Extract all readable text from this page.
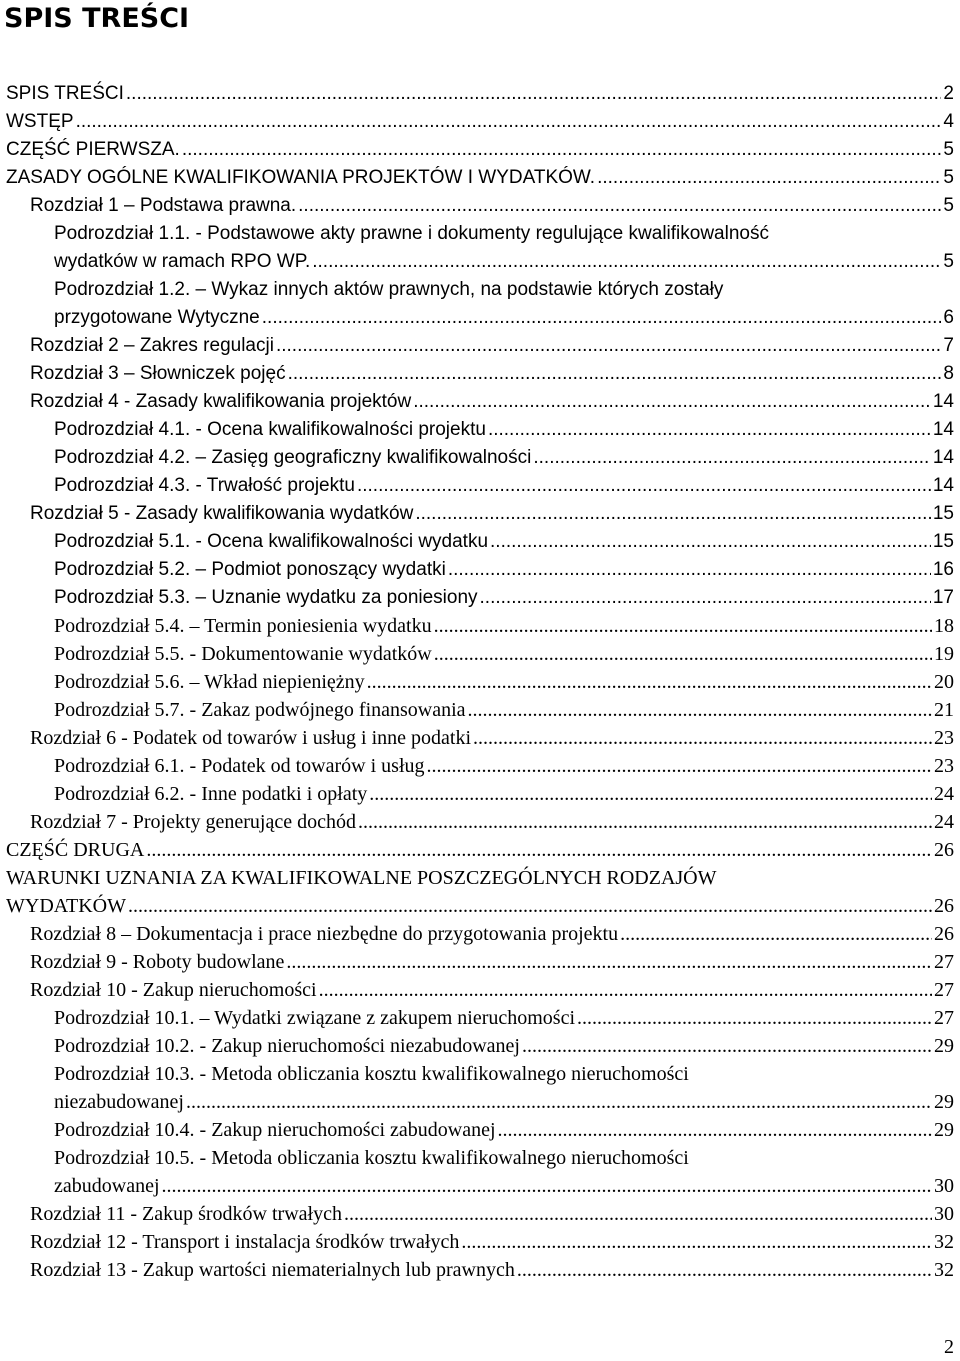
SPIS TREŚCI
SPIS TREŚCI .....	2
WSTĘP .....	4
CZĘŚĆ PIERWSZA. .....	5
ZASADY OGÓLNE KWALIFIKOWANIA PROJEKTÓW I WYDATKÓW. .....	5
Rozdział 1 – Podstawa prawna. .....	5
Podrozdział 1.1. - Podstawowe akty prawne i dokumenty regulujące kwalifikowalność
wydatków w ramach RPO WP. .....	5
Podrozdział 1.2. – Wykaz innych aktów prawnych, na podstawie których zostały
przygotowane Wytyczne .....	6
Rozdział 2 – Zakres regulacji .....	7
Rozdział 3 – Słowniczek pojęć .....	8
Rozdział 4 - Zasady kwalifikowania projektów .....	14
Podrozdział 4.1. - Ocena kwalifikowalności projektu .....	14
Podrozdział 4.2. – Zasięg geograficzny kwalifikowalności .....	14
Podrozdział 4.3. - Trwałość projektu .....	14
Rozdział 5 - Zasady kwalifikowania wydatków .....	15
Podrozdział 5.1. - Ocena kwalifikowalności wydatku .....	15
Podrozdział 5.2. – Podmiot ponoszący wydatki .....	16
Podrozdział 5.3. – Uznanie wydatku za poniesiony .....	17
Podrozdział 5.4. – Termin poniesienia wydatku .....	18
Podrozdział 5.5. - Dokumentowanie wydatków .....	19
Podrozdział 5.6. – Wkład niepieniężny .....	20
Podrozdział 5.7. - Zakaz podwójnego finansowania .....	21
Rozdział 6 - Podatek od towarów i usług i inne podatki .....	23
Podrozdział 6.1. - Podatek od towarów i usług .....	23
Podrozdział 6.2. - Inne podatki i opłaty .....	24
Rozdział 7 - Projekty generujące dochód .....	24
CZĘŚĆ DRUGA .....	26
WARUNKI UZNANIA ZA KWALIFIKOWALNE POSZCZEGÓLNYCH RODZAJÓW
WYDATKÓW .....	26
Rozdział 8 – Dokumentacja i prace niezbędne do przygotowania projektu .....	26
Rozdział 9 - Roboty budowlane .....	27
Rozdział 10 - Zakup nieruchomości .....	27
Podrozdział 10.1. – Wydatki związane z zakupem nieruchomości .....	27
Podrozdział 10.2. - Zakup nieruchomości niezabudowanej .....	29
Podrozdział 10.3. - Metoda obliczania kosztu kwalifikowalnego nieruchomości
niezabudowanej .....	29
Podrozdział 10.4. - Zakup nieruchomości zabudowanej .....	29
Podrozdział 10.5. - Metoda obliczania kosztu kwalifikowalnego nieruchomości
zabudowanej .....	30
Rozdział 11 - Zakup środków trwałych .....	30
Rozdział 12 - Transport i instalacja środków trwałych .....	32
Rozdział 13 - Zakup wartości niematerialnych lub prawnych .....	32
2
